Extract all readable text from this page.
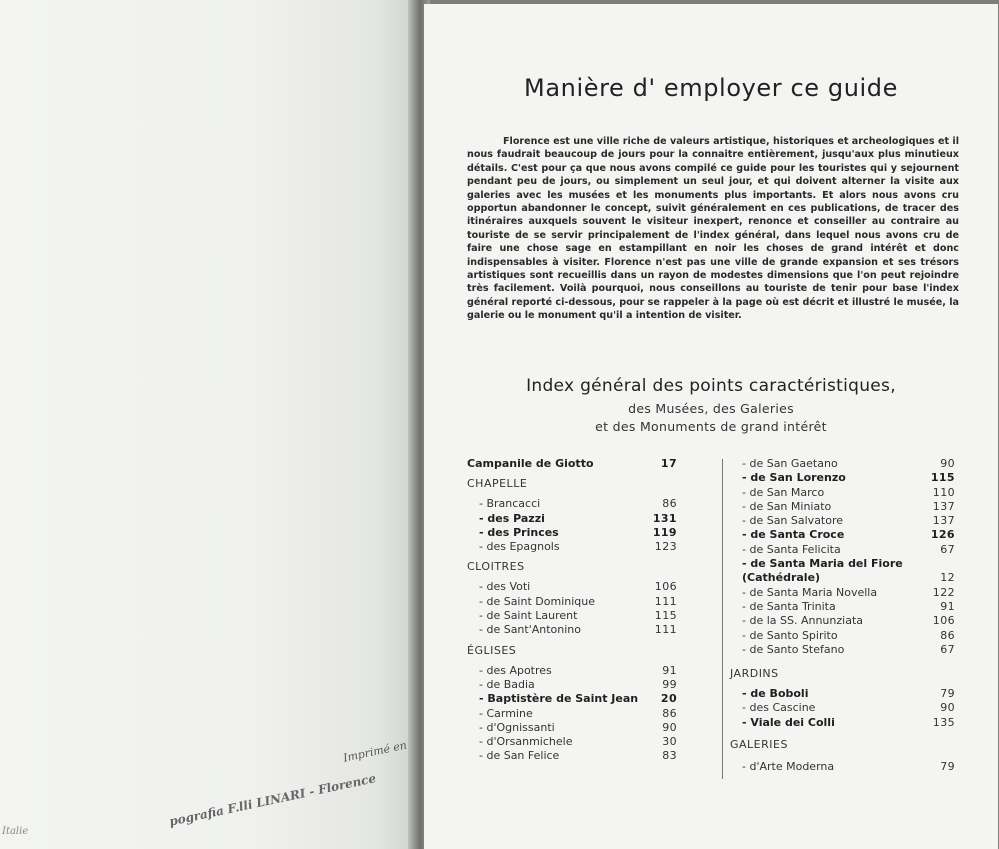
Imprimé en
pografia F.lli LINARI - Florence
Italie
Manière d' employer ce guide

Florence est une ville riche de valeurs artistique, historiques et archeologiques et il nous faudrait beaucoup de jours pour la connaitre entièrement, jusqu'aux plus minutieux détails. C'est pour ça que nous avons compilé ce guide pour les touristes qui y sejournent pendant peu de jours, ou simplement un seul jour, et qui doivent alterner la visite aux galeries avec les musées et les monuments plus importants. Et alors nous avons cru opportun abandonner le concept, suivit généralement en ces publications, de tracer des itinéraires auxquels souvent le visiteur inexpert, renonce et conseiller au contraire au touriste de se servir principalement de l'index général, dans lequel nous avons cru de faire une chose sage en estampillant en noir les choses de grand intérêt et donc indispensables à visiter. Florence n'est pas une ville de grande expansion et ses trésors artistiques sont recueillis dans un rayon de modestes dimensions que l'on peut rejoindre très facilement. Voilà pourquoi, nous conseillons au touriste de tenir pour base l'index général reporté ci-dessous, pour se rappeler à la page où est décrit et illustré le musée, la galerie ou le monument qu'il a intention de visiter.

Index général des points caractéristiques,
des Musées, des Galeries
et des Monuments de grand intérêt
Campanile de Giotto	17
CHAPELLE
- Brancacci	86
- des Pazzi	131
- des Princes	119
- des Epagnols	123
CLOITRES
- des Voti	106
- de Saint Dominique	111
- de Saint Laurent	115
- de Sant'Antonino	111
ÉGLISES
- des Apotres	91
- de Badia	99
- Baptistère de Saint Jean 20
- Carmine	86
- d'Ognissanti	90
- d'Orsanmichele	30
- de San Felice	83
- de San Gaetano	90
- de San Lorenzo	115
- de San Marco	110
- de San Miniato	137
- de San Salvatore	137
- de Santa Croce	126
- de Santa Felicita	67
- de Santa Maria del Fiore
(Cathédrale)	12
- de Santa Maria Novella	122
- de Santa Trinita	91
- de la SS. Annunziata	106
- de Santo Spirito	86
- de Santo Stefano	67
JARDINS
- de Boboli	79
- des Cascine	90
- Viale dei Colli	135
GALERIES
- d'Arte Moderna	79
